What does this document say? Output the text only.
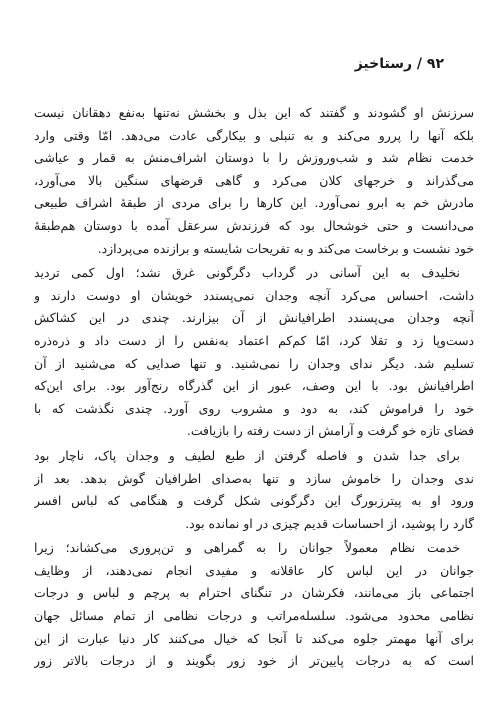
۹۲ / رستاخیز
سرزنش او گشودند و گفتند که این بذل و بخشش نه‌تنها به‌نفع دهقانان نیست
بلکه آنها را پررو می‌کند و به تنبلی و بیکارگی عادت می‌دهد. امّا وقتی وارد
خدمت نظام شد و شب‌وروزش را با دوستان اشراف‌منش به قمار و عیاشی
می‌گذراند و خرجهای کلان می‌کرد و گاهی قرضهای سنگین بالا می‌آورد،
مادرش خم به ابرو نمی‌آورد. این کارها را برای مردی از طبقهٔ اشراف طبیعی
می‌دانست و حتی خوشحال بود که فرزندش سرعقل آمده با دوستان هم‌طبقهٔ
خود نشست و برخاست می‌کند و به تفریحات شایسته و برازنده می‌پردازد.
نخلیدف به این آسانی در گرداب دگرگونی غرق نشد؛ اول کمی تردید
داشت، احساس می‌کرد آنچه وجدان نمی‌پسندد خویشان او دوست دارند و
آنچه وجدان می‌پسندد اطرافیانش از آن بیزارند. چندی در این کشاکش
دست‌وپا زد و تقلا کرد، امّا کم‌کم اعتماد به‌نفس را از دست داد و ذره‌ذره
تسلیم شد. دیگر ندای وجدان را نمی‌شنید. و تنها صدایی که می‌شنید از آن
اطرافیانش بود. با این وصف، عبور از این گذرگاه رنج‌آور بود. برای این‌که
خود را فراموش کند، به دود و مشروب روی آورد. چندی نگذشت که با
فضای تازه خو گرفت و آرامش از دست رفته را بازیافت.
برای جدا شدن و فاصله گرفتن از طبع لطیف و وجدان پاک، ناچار بود
ندی وجدان را خاموش سازد و تنها به‌صدای اطرافیان گوش بدهد. بعد از
ورود او به پیترزبورگ این دگرگونی شکل گرفت و هنگامی که لباس افسر
گارد را پوشید، از احساسات قدیم چیزی در او نمانده بود.
خدمت نظام معمولاً جوانان را به گمراهی و تن‌پروری می‌کشاند؛ زیرا
جوانان در این لباس کار عاقلانه و مفیدی انجام نمی‌دهند، از وظایف
اجتماعی باز می‌مانند، فکرشان در تنگنای احترام به پرچم و لباس و درجات
نظامی محدود می‌شود. سلسله‌مراتب و درجات نظامی از تمام مسائل جهان
برای آنها مهمتر جلوه می‌کند تا آنجا که خیال می‌کنند کار دنیا عبارت از این
است که به درجات پایین‌تر از خود زور بگویند و از درجات بالاتر زور
